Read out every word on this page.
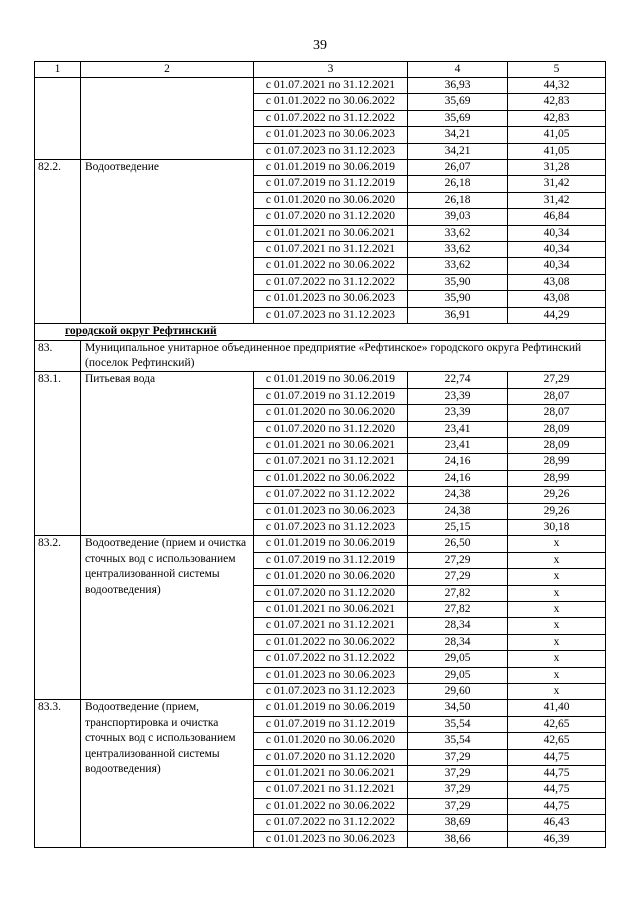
39
1	2	3	4	5
		с 01.07.2021 по 31.12.2021	36,93	44,32
		с 01.01.2022 по 30.06.2022	35,69	42,83
		с 01.07.2022 по 31.12.2022	35,69	42,83
		с 01.01.2023 по 30.06.2023	34,21	41,05
		с 01.07.2023 по 31.12.2023	34,21	41,05
82.2.	Водоотведение	с 01.01.2019 по 30.06.2019	26,07	31,28
		с 01.07.2019 по 31.12.2019	26,18	31,42
		с 01.01.2020 по 30.06.2020	26,18	31,42
		с 01.07.2020 по 31.12.2020	39,03	46,84
		с 01.01.2021 по 30.06.2021	33,62	40,34
		с 01.07.2021 по 31.12.2021	33,62	40,34
		с 01.01.2022 по 30.06.2022	33,62	40,34
		с 01.07.2022 по 31.12.2022	35,90	43,08
		с 01.01.2023 по 30.06.2023	35,90	43,08
		с 01.07.2023 по 31.12.2023	36,91	44,29
городской округ Рефтинский				
83.	Муниципальное унитарное объединенное предприятие «Рефтинское» городского округа Рефтинский (поселок Рефтинский)			
83.1.	Питьевая вода	с 01.01.2019 по 30.06.2019	22,74	27,29
		с 01.07.2019 по 31.12.2019	23,39	28,07
		с 01.01.2020 по 30.06.2020	23,39	28,07
		с 01.07.2020 по 31.12.2020	23,41	28,09
		с 01.01.2021 по 30.06.2021	23,41	28,09
		с 01.07.2021 по 31.12.2021	24,16	28,99
		с 01.01.2022 по 30.06.2022	24,16	28,99
		с 01.07.2022 по 31.12.2022	24,38	29,26
		с 01.01.2023 по 30.06.2023	24,38	29,26
		с 01.07.2023 по 31.12.2023	25,15	30,18
83.2.	Водоотведение (прием и очистка сточных вод с использованием централизованной системы водоотведения)	с 01.01.2019 по 30.06.2019	26,50	х
		с 01.07.2019 по 31.12.2019	27,29	х
		с 01.01.2020 по 30.06.2020	27,29	х
		с 01.07.2020 по 31.12.2020	27,82	х
		с 01.01.2021 по 30.06.2021	27,82	х
		с 01.07.2021 по 31.12.2021	28,34	х
		с 01.01.2022 по 30.06.2022	28,34	х
		с 01.07.2022 по 31.12.2022	29,05	х
		с 01.01.2023 по 30.06.2023	29,05	х
		с 01.07.2023 по 31.12.2023	29,60	х
83.3.	Водоотведение (прием, транспортировка и очистка сточных вод с использованием централизованной системы водоотведения)	с 01.01.2019 по 30.06.2019	34,50	41,40
		с 01.07.2019 по 31.12.2019	35,54	42,65
		с 01.01.2020 по 30.06.2020	35,54	42,65
		с 01.07.2020 по 31.12.2020	37,29	44,75
		с 01.01.2021 по 30.06.2021	37,29	44,75
		с 01.07.2021 по 31.12.2021	37,29	44,75
		с 01.01.2022 по 30.06.2022	37,29	44,75
		с 01.07.2022 по 31.12.2022	38,69	46,43
		с 01.01.2023 по 30.06.2023	38,66	46,39
